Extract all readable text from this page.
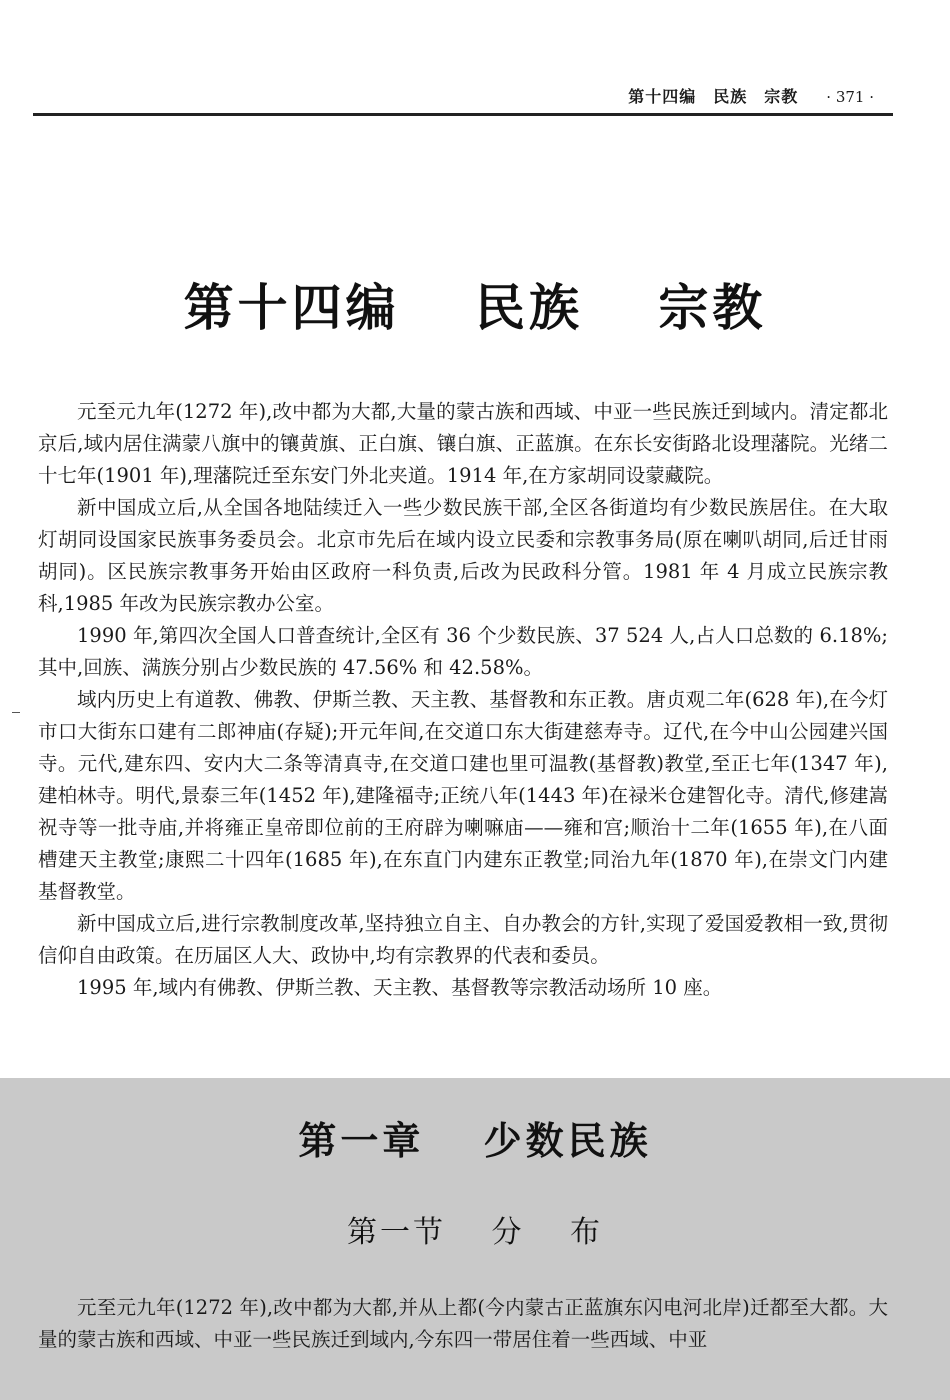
第十四编　民族　宗教 · 371 ·
第十四编　 民族　 宗教

元至元九年(1272 年),改中都为大都,大量的蒙古族和西域、中亚一些民族迁到域内。清定都北京后,域内居住满蒙八旗中的镶黄旗、正白旗、镶白旗、正蓝旗。在东长安街路北设理藩院。光绪二十七年(1901 年),理藩院迁至东安门外北夹道。1914 年,在方家胡同设蒙藏院。

新中国成立后,从全国各地陆续迁入一些少数民族干部,全区各街道均有少数民族居住。在大取灯胡同设国家民族事务委员会。北京市先后在域内设立民委和宗教事务局(原在喇叭胡同,后迁甘雨胡同)。区民族宗教事务开始由区政府一科负责,后改为民政科分管。1981 年 4 月成立民族宗教科,1985 年改为民族宗教办公室。

1990 年,第四次全国人口普查统计,全区有 36 个少数民族、37 524 人,占人口总数的 6.18%;其中,回族、满族分别占少数民族的 47.56% 和 42.58%。

域内历史上有道教、佛教、伊斯兰教、天主教、基督教和东正教。唐贞观二年(628 年),在今灯市口大街东口建有二郎神庙(存疑);开元年间,在交道口东大街建慈寿寺。辽代,在今中山公园建兴国寺。元代,建东四、安内大二条等清真寺,在交道口建也里可温教(基督教)教堂,至正七年(1347 年),建柏林寺。明代,景泰三年(1452 年),建隆福寺;正统八年(1443 年)在禄米仓建智化寺。清代,修建嵩祝寺等一批寺庙,并将雍正皇帝即位前的王府辟为喇嘛庙——雍和宫;顺治十二年(1655 年),在八面槽建天主教堂;康熙二十四年(1685 年),在东直门内建东正教堂;同治九年(1870 年),在崇文门内建基督教堂。

新中国成立后,进行宗教制度改革,坚持独立自主、自办教会的方针,实现了爱国爱教相一致,贯彻信仰自由政策。在历届区人大、政协中,均有宗教界的代表和委员。

1995 年,域内有佛教、伊斯兰教、天主教、基督教等宗教活动场所 10 座。

第一章　 少数民族
第一节　 分　 布

元至元九年(1272 年),改中都为大都,并从上都(今内蒙古正蓝旗东闪电河北岸)迁都至大都。大量的蒙古族和西域、中亚一些民族迁到域内,今东四一带居住着一些西域、中亚
